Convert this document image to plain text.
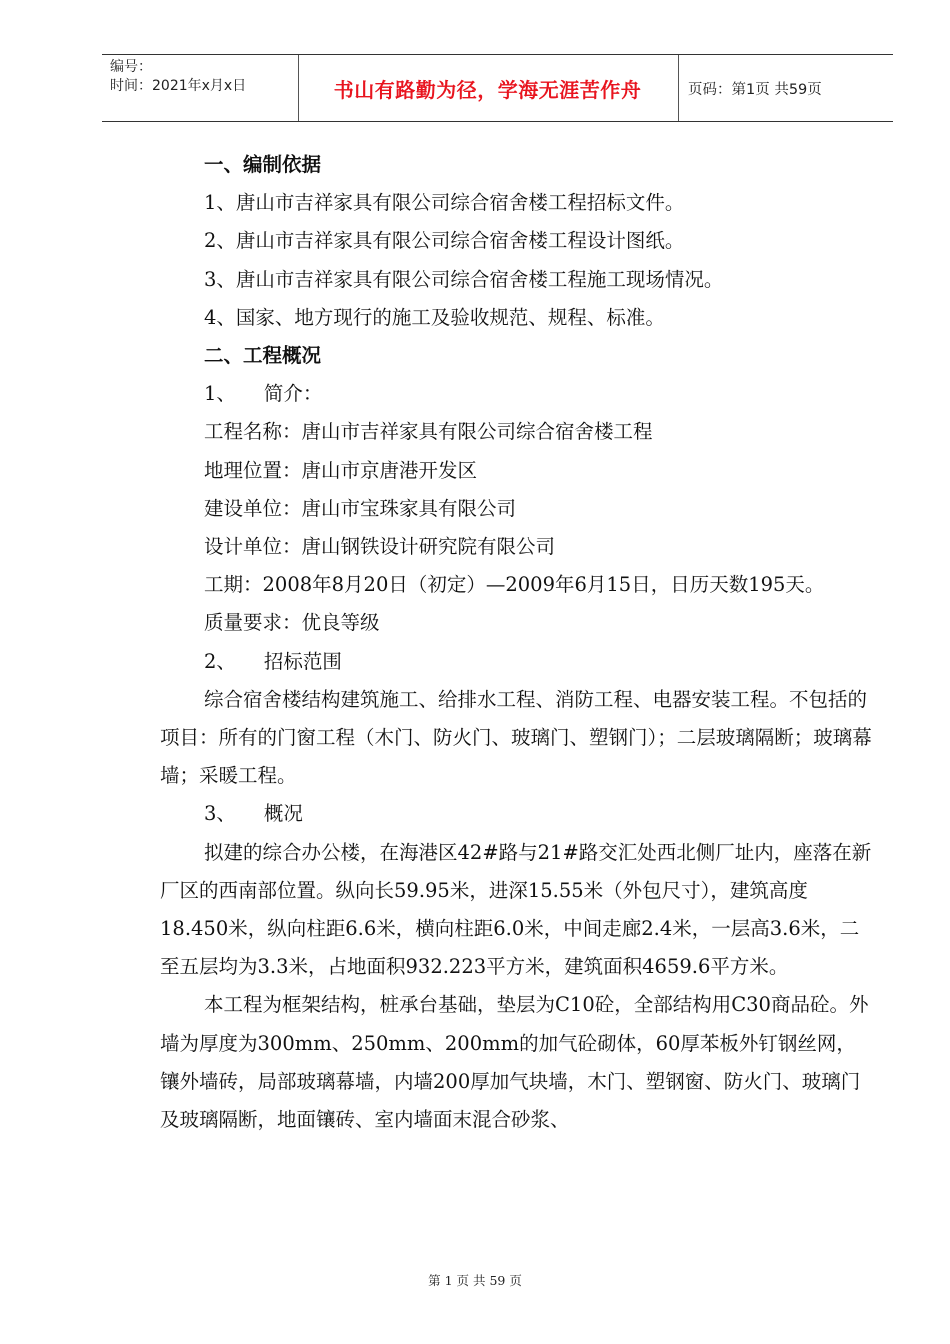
编号：
时间：2021年x月x日	书山有路勤为径，学海无涯苦作舟	页码：第1页 共59页

一、编制依据

1、唐山市吉祥家具有限公司综合宿舍楼工程招标文件。

2、唐山市吉祥家具有限公司综合宿舍楼工程设计图纸。

3、唐山市吉祥家具有限公司综合宿舍楼工程施工现场情况。

4、国家、地方现行的施工及验收规范、规程、标准。

二、工程概况

1、 简介：

工程名称：唐山市吉祥家具有限公司综合宿舍楼工程

地理位置：唐山市京唐港开发区

建设单位：唐山市宝珠家具有限公司

设计单位：唐山钢铁设计研究院有限公司

工期：2008年8月20日（初定）—2009年6月15日，日历天数195天。

质量要求：优良等级

2、 招标范围

综合宿舍楼结构建筑施工、给排水工程、消防工程、电器安装工程。不包括的项目：所有的门窗工程（木门、防火门、玻璃门、塑钢门）；二层玻璃隔断；玻璃幕墙；采暖工程。

3、 概况

拟建的综合办公楼，在海港区42#路与21#路交汇处西北侧厂址内，座落在新厂区的西南部位置。纵向长59.95米，进深15.55米（外包尺寸），建筑高度18.450米，纵向柱距6.6米，横向柱距6.0米，中间走廊2.4米，一层高3.6米，二至五层均为3.3米，占地面积932.223平方米，建筑面积4659.6平方米。

本工程为框架结构，桩承台基础，垫层为C10砼，全部结构用C30商品砼。外墙为厚度为300mm、250mm、200mm的加气砼砌体，60厚苯板外钉钢丝网，镶外墙砖，局部玻璃幕墙，内墙200厚加气块墙，木门、塑钢窗、防火门、玻璃门及玻璃隔断，地面镶砖、室内墙面末混合砂浆、

第 1 页 共 59 页
